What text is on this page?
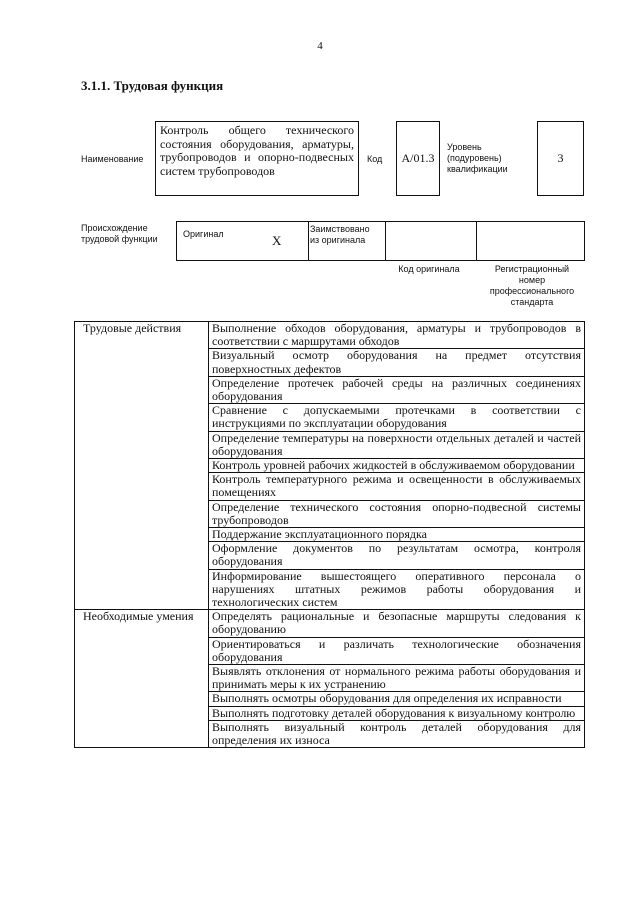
4
3.1.1. Трудовая функция
Наименование
Контроль общего технического состояния оборудования, арматуры, трубопроводов и опорно-подвесных систем трубопроводов
Код	A/01.3
Уровень
(подуровень)
квалификации
3
Происхождение
трудовой функции	Оригинал	X
Заимствовано
из оригинала
Код оригинала	Регистрационный
номер
профессионального
стандарта
Трудовые действия	Выполнение обходов оборудования, арматуры и трубопроводов в соответствии с маршрутами обходов
	Визуальный осмотр оборудования на предмет отсутствия поверхностных дефектов
	Определение протечек рабочей среды на различных соединениях оборудования
	Сравнение с допускаемыми протечками в соответствии с инструкциями по эксплуатации оборудования
	Определение температуры на поверхности отдельных деталей и частей оборудования
	Контроль уровней рабочих жидкостей в обслуживаемом оборудовании
	Контроль температурного режима и освещенности в обслуживаемых помещениях
	Определение технического состояния опорно-подвесной системы трубопроводов
	Поддержание эксплуатационного порядка
	Оформление документов по результатам осмотра, контроля оборудования
	Информирование вышестоящего оперативного персонала о нарушениях штатных режимов работы оборудования и технологических систем
Необходимые умения	Определять рациональные и безопасные маршруты следования к оборудованию
	Ориентироваться и различать технологические обозначения оборудования
	Выявлять отклонения от нормального режима работы оборудования и принимать меры к их устранению
	Выполнять осмотры оборудования для определения их исправности
	Выполнять подготовку деталей оборудования к визуальному контролю
	Выполнять визуальный контроль деталей оборудования для определения их износа
